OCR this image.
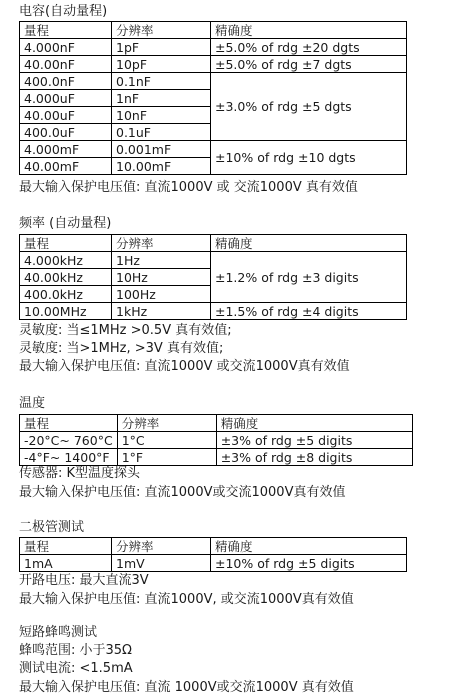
电容(自动量程)
量程	分辨率	精确度
4.000nF	1pF	±5.0% of rdg ±20 dgts
40.00nF	10pF	±5.0% of rdg ±7 dgts
400.0nF	0.1nF	±3.0% of rdg ±5 dgts
4.000uF	1nF	
40.00uF	10nF	
400.0uF	0.1uF	
4.000mF	0.001mF	±10% of rdg ±10 dgts
40.00mF	10.00mF	
最大输入保护电压值: 直流1000V 或 交流1000V 真有效值
频率 (自动量程)
量程	分辨率	精确度
4.000kHz	1Hz	±1.2% of rdg ±3 digits
40.00kHz	10Hz	
400.0kHz	100Hz	
10.00MHz	1kHz	±1.5% of rdg ±4 digits
灵敏度: 当≤1MHz >0.5V 真有效值;
灵敏度: 当>1MHz, >3V 真有效值;
最大输入保护电压值: 直流1000V 或交流1000V真有效值
温度
量程	分辨率	精确度
-20°C~ 760°C	1°C	±3% of rdg ±5 digits
-4°F~ 1400°F	1°F	±3% of rdg ±8 digits
传感器: K型温度探头
最大输入保护电压值: 直流1000V或交流1000V真有效值
二极管测试
量程	分辨率	精确度
1mA	1mV	±10% of rdg ±5 digits
开路电压: 最大直流3V
最大输入保护电压值: 直流1000V, 或交流1000V真有效值
短路蜂鸣测试
蜂鸣范围: 小于35Ω
测试电流: <1.5mA
最大输入保护电压值: 直流 1000V或交流1000V 真有效值
